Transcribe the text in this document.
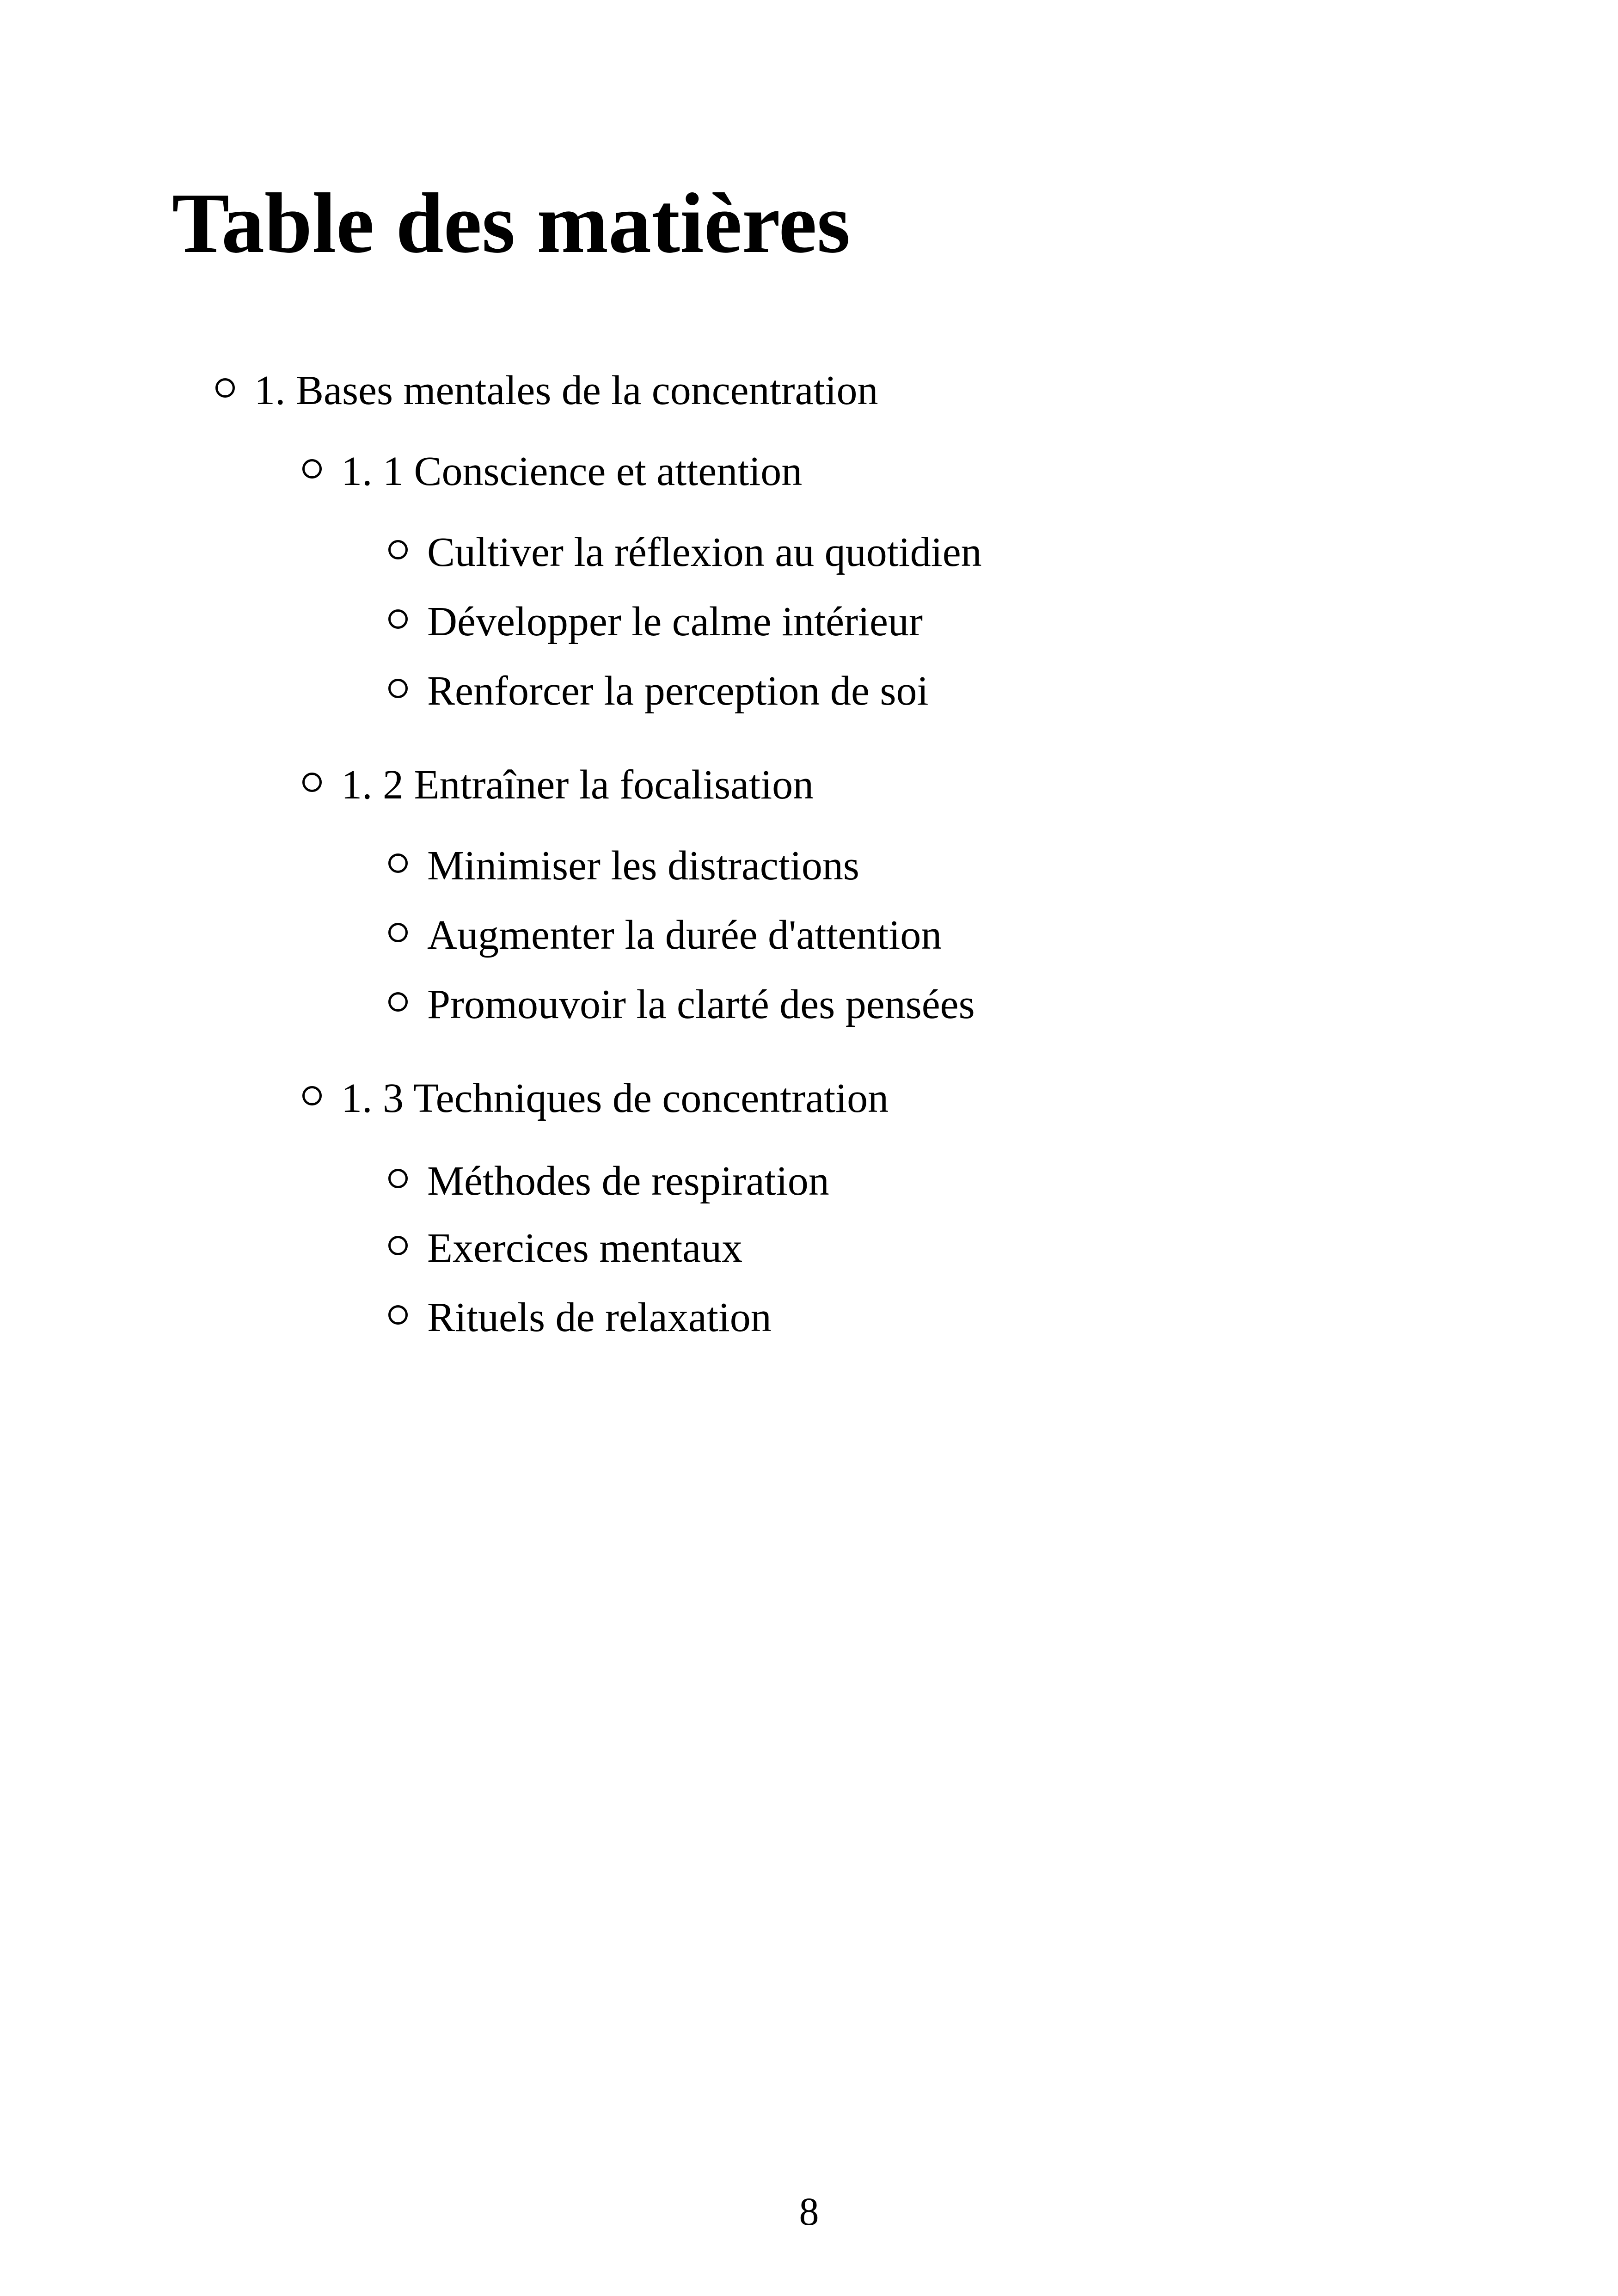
Table des matières
1. Bases mentales de la concentration
1. 1 Conscience et attention
Cultiver la réflexion au quotidien
Développer le calme intérieur
Renforcer la perception de soi
1. 2 Entraîner la focalisation
Minimiser les distractions
Augmenter la durée d'attention
Promouvoir la clarté des pensées
1. 3 Techniques de concentration
Méthodes de respiration
Exercices mentaux
Rituels de relaxation
8
